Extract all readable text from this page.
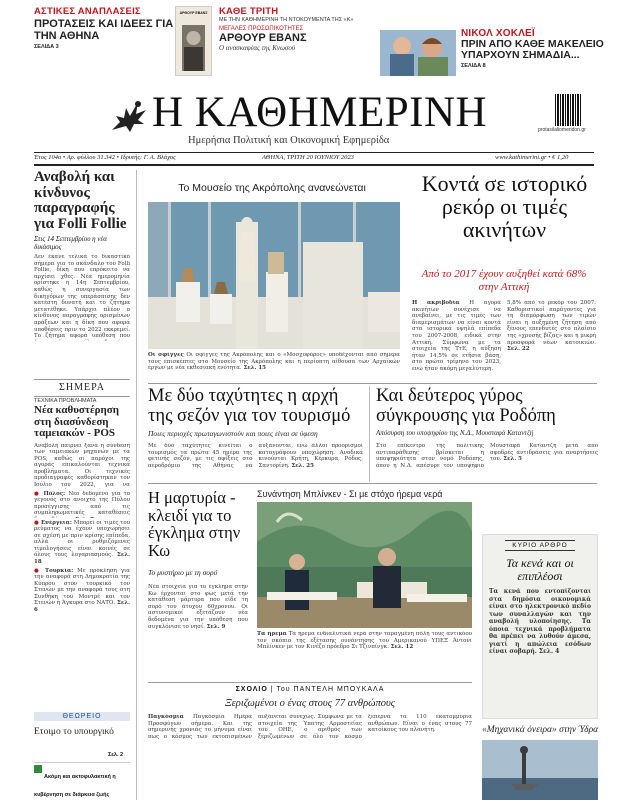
ΑΣΤΙΚΕΣ ΑΝΑΠΛΑΣΕΙΣ
ΠΡΟΤΑΣΕΙΣ ΚΑΙ ΙΔΕΕΣ ΓΙΑ ΤΗΝ ΑΘΗΝΑ
ΣΕΛΙΔΑ 3
ΑΡΘΟΥΡ ΕΒΑΝΣ	ΚΑΘΕ ΤΡΙΤΗ
ΜΕ ΤΗΝ ΚΑΘΗΜΕΡΙΝΗ ΤΗ ΝΤΟΚΟΥΜΕΝΤΑ ΤΗΣ «Κ»
ΜΕΓΑΛΕΣ ΠΡΟΣΩΠΙΚΟΤΗΤΕΣ
ΑΡΘΟΥΡ ΕΒΑΝΣ
Ο ανασκαφέας της Κνωσού
ΝΙΚΟΛ ΧΟΚΛΕΪ
ΠΡΙΝ ΑΠΟ ΚΑΘΕ ΜΑΚΕΛΕΙΟ ΥΠΑΡΧΟΥΝ ΣΗΜΑΔΙΑ...
ΣΕΛΙΔΑ 8
Η ΚΑΘΗΜΕΡΙΝΗ
Ημερήσια Πολιτική και Οικονομική Εφημερίδα
protasilaliomeridon.gr
Έτος 104ο • Αρ. φύλλου 31.342 • Ιδρυτής: Γ. Α. Βλάχος	ΑΘΗΝΑ, ΤΡΙΤΗ 20 ΙΟΥΝΙΟΥ 2023	www.kathimerini.gr • € 1,20
Αναβολή και κίνδυνος παραγραφής για Folli Follie
Στις 14 Σεπτεμβρίου η νέα δικάσιμος
Δεν έκανε τελικά το δικαστικό σήμερα για το σκάνδαλο του Folli Follie, δίκη που επρόκειτο να αρχίσει χθες. Νέα ημερομηνία ορίστηκε η 14η Σεπτεμβρίου, καθώς η συνεργασία των δικηγόρων της υπεράσπισης δεν κατέστη δυνατή και το ζήτημα μετατέθηκε. Υπάρχει πλέον ο κίνδυνος παραγραφής ορισμένων πράξεων και η δίκη που αφορά υποθέσεις πριν το 2022 εκκρεμεί. Το ζήτημα αφορά υπόθεση που
ΣΗΜΕΡΑ
ΤΕΧΝΙΚΑ ΠΡΟΒΛΗΜΑΤΑ
Νέα καθυστέρηση στη διασύνδεση ταμειακών - POS
Αναβολή παίρνει ξανά η σύνδεση των ταμειακών μηχανών με τα POS, καθώς οι παρόχοι της αγοράς επικαλούνται τεχνικά προβλήματα. Οι τεχνικές προδιαγραφές καθορίστηκαν τον Ιούλιο του 2022, για να
● Πόλος: Νέο δεδομένο για το γεγονός στο ανοιχτό της Πύλου προσέγγισης από τις συμπληρωματικές καταθέσεις
● Ενέργεια: Μπορεί οι τιμές του ρεύματος να έχουν υποχωρήσει σε σχέση με πριν κρίσης επίπεδα, αλλά οι ρυθμιζόμενες τιμολογήσεις είναι κοινές σε όλους τους λογαριασμούς. Σελ. 18
● Τουρκία: Με πρόκληση για την αναφορά στη Δημοκρατία της Κύπρου στον τουρκικό τον Στενών με την αναφορά τους στη Συνθήκη του Μοντρέ και τον Στενών ή Άγκυρα στο ΝΑΤΟ. Σελ. 6
ΘΕΩΡΕΙΟ
Ετοιμο το υπουργικό
Σελ. 2
Ακόμη και ακτοφυλακτική η κυβέρνηση σε διάρκεια ζωής
Το Μουσείο της Ακρόπολης ανανεώνεται
Οι σφίγγες Οι σφίγγες της Ακρόπολης και ο «Μοσχοφόρος» υποδέχονται από σήμερα τους επισκέπτες στο Μουσείο της Ακρόπολης και η περίοπτη αίθουσα των Αρχαϊκών έργων με νέα εκθεσιακή ενότητα. Σελ. 15
Κοντά σε ιστορικό ρεκόρ οι τιμές ακινήτων
Από το 2017 έχουν αυξηθεί κατά 68% στην Αττική
Η ακριβοδία Η αγορά ακινήτων συνέχισε να ανεβαίνει, με τις τιμές των διαμερισμάτων να είναι κοντά στα ιστορικά υψηλά επίπεδα του 2007-2008, ειδικά στην Αττική. Σύμφωνα με τα στοιχεία της ΤτΕ, η αύξηση ήταν 14,5% σε ετήσια βάση, στο πρώτο τρίμηνο του 2023, ενώ ήταν ακόμη μεγαλύτερη.
5,8% από το ρεκόρ του 2007. Καθοριστικοί παράγοντες για τη διαμόρφωση των τιμών είναι η αυξημένη ζήτηση από ξένους επενδυτές στο πλαίσιο της «χρυσής βίζας» και η μικρή προσφορά νέων κατοικιών. Σελ. 22
Με δύο ταχύτητες η αρχή της σεζόν για τον τουρισμό
Ποιες περιοχές πρωταγωνιστούν και ποιες είναι σε ύφεση
Με δύο ταχύτητες κινείται ο τουρισμός τα πρώτα 45 ημέρα της φετινής σεζόν, με τις αφίξεις στο αεροδρόμιο της Αθήνας να αυξάνονται, ενώ άλλοι προορισμοί καταγράφουν υποχώρηση. Ανοδικά κινούνται Κρήτη, Κέρκυρα, Ρόδος, Σαντορίνη. Σελ. 25
Και δεύτερος γύρος σύγκρουσης για Ροδόπη
Απόσυρση του υποψηφίου της Ν.Δ., Μουσταφά Καταντζή
Στο επίκεντρο της πολιτικής αντιπαράθεσης βρίσκεται η υποψηφιότητα στον νομό Ροδόπης, όπου η Ν.Δ. απέσυρε τον υποψήφιο Μουσταφά Καταντζή μετά από σφοδρές αντιδράσεις για αναρτήσεις του. Σελ. 5
Η μαρτυρία - κλειδί για το έγκλημα στην Κω
Το μυστήριο με τη σορό
Νέα στοιχεία για το έγκλημα στην Κω έρχονται στο φως μετά την κατάθεση μάρτυρα που είδε τη σορό του άτυχου 60χρονου. Οι αστυνομικοί εξετάζουν νέα δεδομένα για την υπόθεση που συγκλόνισε το νησί. Σελ. 9
Συνάντηση Μπλίνκεν - Σι με στόχο ήρεμα νερά
Τα ήρεμα Τα ήρεμα ενδιαλυτικά νερά στην ταραγμένη πόλη τους αντικόου τον σκόπιο της εξέτασης ουνάντησης του Αμερικανού ΥΠΕΞ Άντονι Μπλίνκεν με τον Κινέζο πρόεδρο Σι Τζινπίνγκ. Σελ. 12
ΚΥΡΙΟ ΑΡΘΡΟ
Τα κενά και οι επιπλέοσι
Τα κενά που εντοπίζονται στα δημόσια οικονομικά είναι στο ηλεκτρονικό πεδίο των συναλλαγών και την αναβολή υλοποίησης. Τα όποια τεχνικά προβλήματα θα πρέπει να λυθούν άμεσα, γιατί η απώλεια εσόδων είναι σοβαρή. Σελ. 4
ΣΧΟΛΙΟ | Του ΠΑΝΤΕΛΗ ΜΠΟΥΚΑΛΑ
Ξεριζωμένοι ο ένας στους 77 ανθρώπους
Παγκόσμια Παγκόσμια Ημέρα Προσφύγων σήμερα. Και της σημερινής χρονιάς το μήνυμα είναι πως ο κόσμος των εκτοπισμένων αυξάνεται συνεχώς. Σύμφωνα με τα στοιχεία της Ύπατης Αρμοστείας του ΟΗΕ, ο αριθμός των ξεριζωμένων σε όλο τον κόσμο ξεπερνά τα 110 εκατομμύρια ανθρώπων. Είναι ο ένας στους 77 κατοίκους του πλανήτη.	«Μηχανικά όνειρα» στην Ύδρα
